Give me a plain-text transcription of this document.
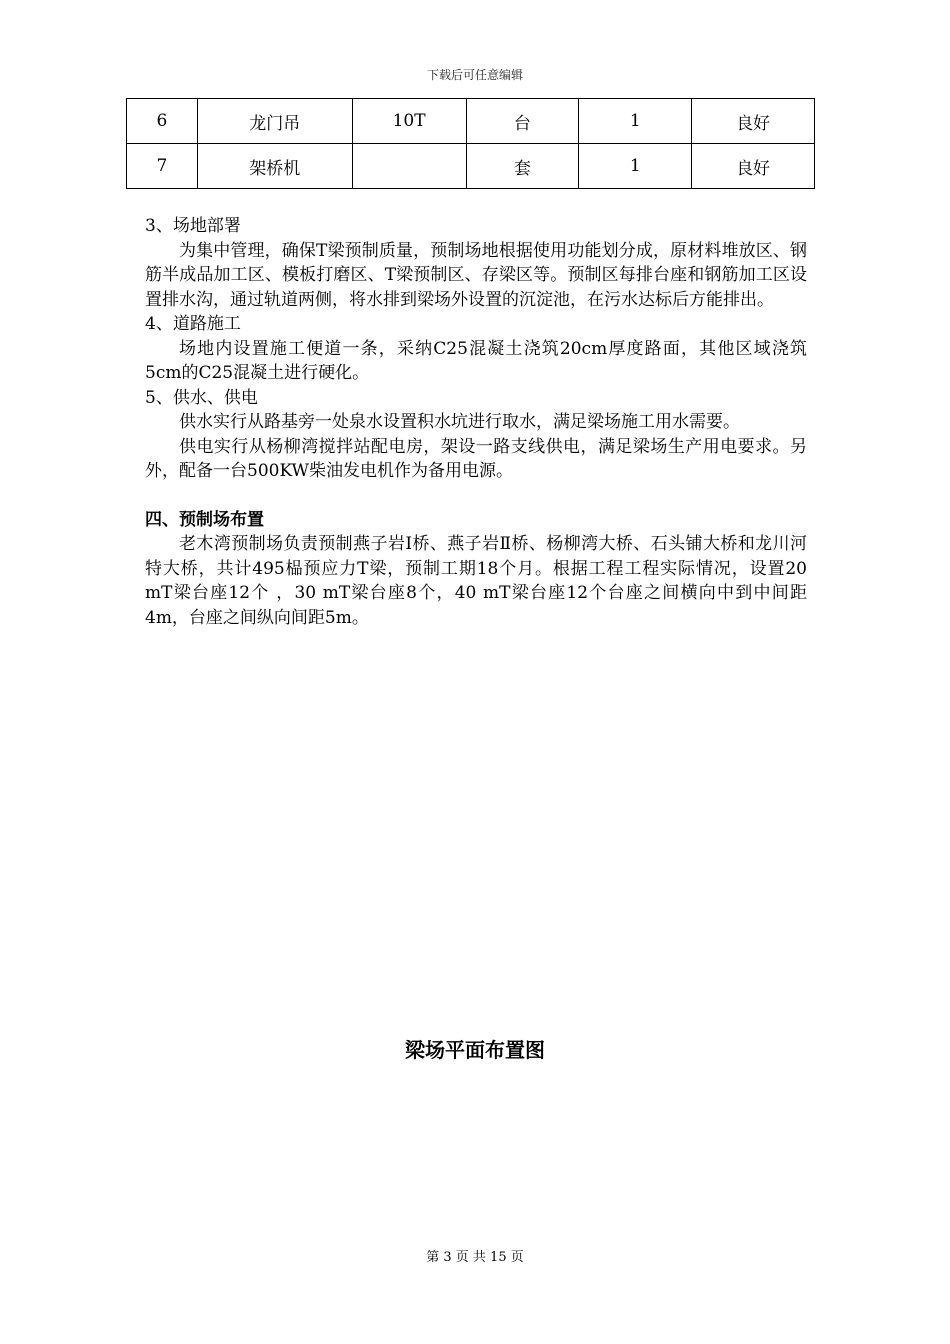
下载后可任意编辑
6	龙门吊	10T	台	1	良好
7	架桥机		套	1	良好

3、场地部署

为集中管理，确保T梁预制质量，预制场地根据使用功能划分成，原材料堆放区、钢筋半成品加工区、模板打磨区、T梁预制区、存梁区等。预制区每排台座和钢筋加工区设置排水沟，通过轨道两侧，将水排到梁场外设置的沉淀池，在污水达标后方能排出。

4、道路施工

场地内设置施工便道一条，采纳C25混凝土浇筑20cm厚度路面，其他区域浇筑5cm的C25混凝土进行硬化。

5、供水、供电

供水实行从路基旁一处泉水设置积水坑进行取水，满足梁场施工用水需要。

供电实行从杨柳湾搅拌站配电房，架设一路支线供电，满足梁场生产用电要求。另外，配备一台500KW柴油发电机作为备用电源。

四、预制场布置

老木湾预制场负责预制燕子岩Ⅰ桥、燕子岩Ⅱ桥、杨柳湾大桥、石头铺大桥和龙川河特大桥，共计495榀预应力T梁，预制工期18个月。根据工程工程实际情况，设置20 mT梁台座12个 ，30 mT梁台座8个，40 mT梁台座12个台座之间横向中到中间距4m，台座之间纵向间距5m。

梁场平面布置图
第 3 页 共 15 页
